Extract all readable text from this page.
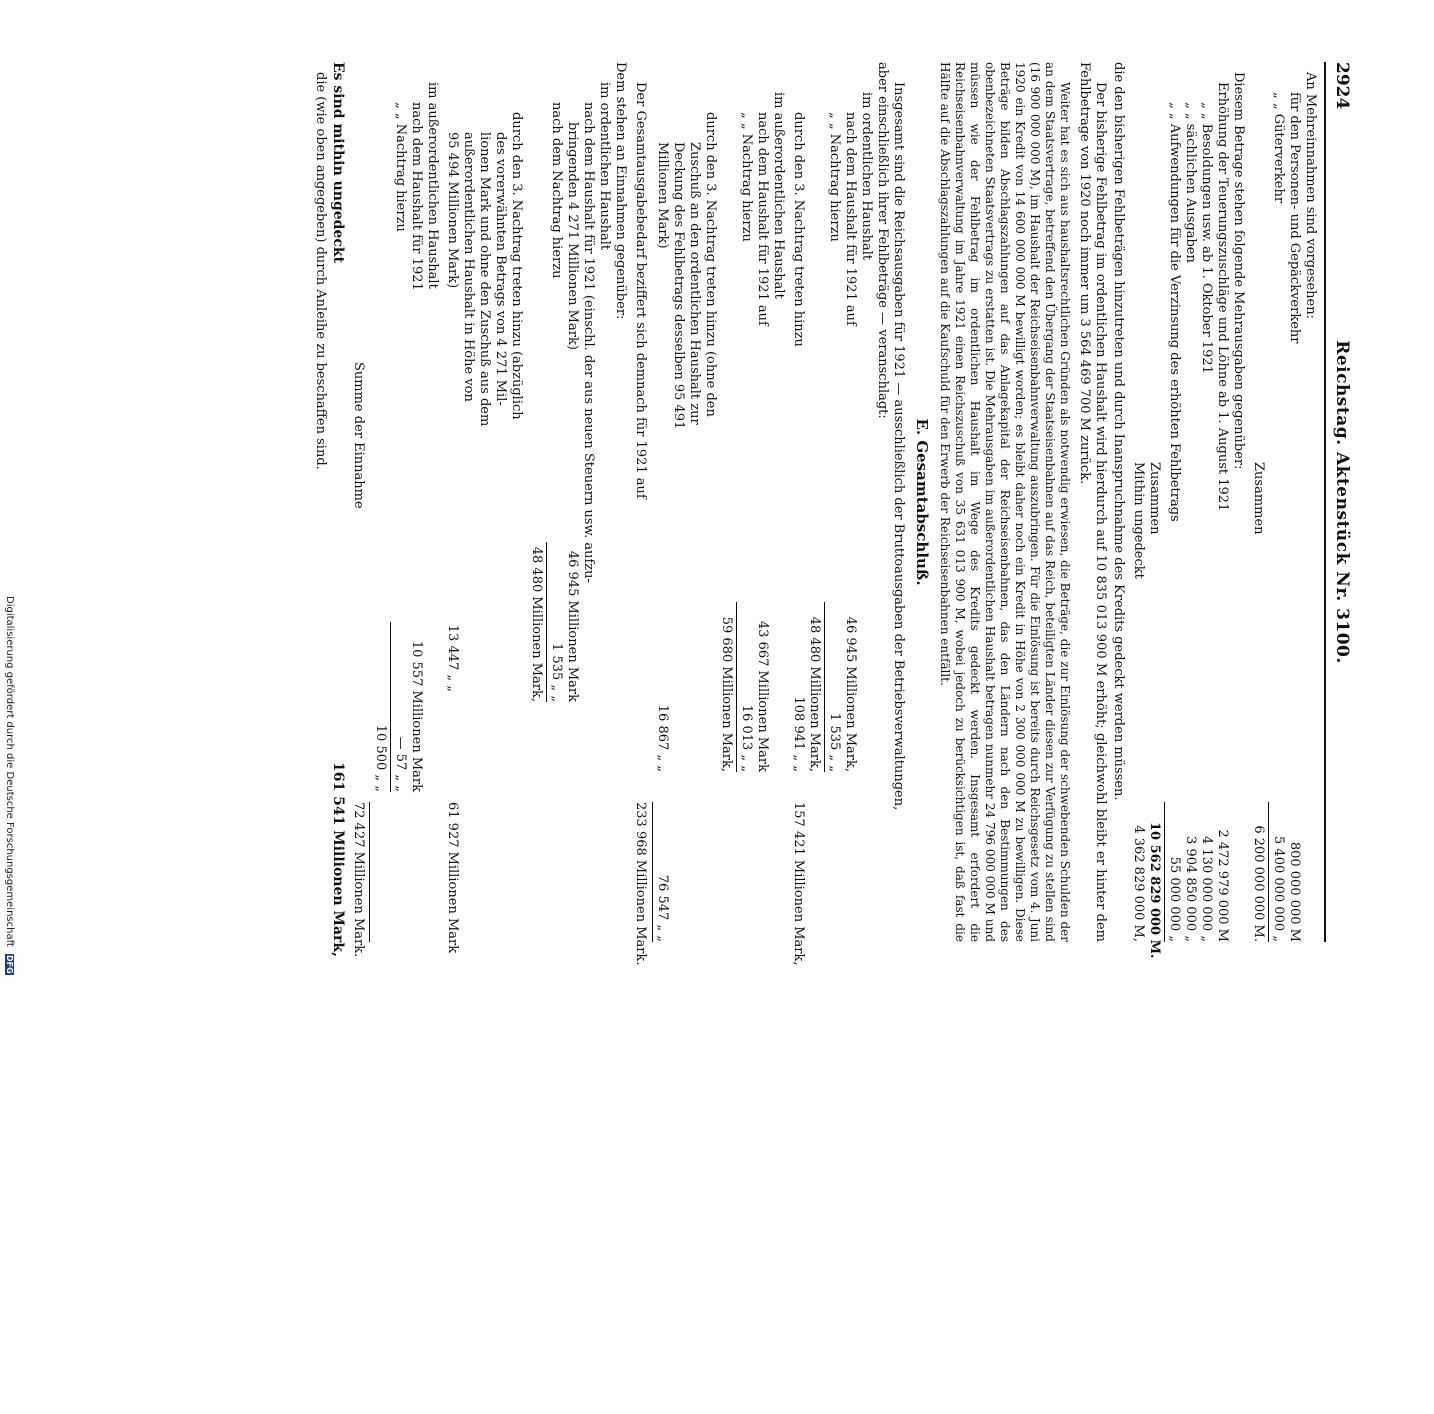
Digitalisierung gefördert durch die Deutsche Forschungsgemeinschaft DFG
2924
Reichstag. Aktenstück Nr. 3100.
An Mehreinnahmen sind vorgesehen:
für den Personen- und Gepäckverkehr
800 000 000 M
„ „ Güterverkehr
5 400 000 000 „
Zusammen
6 200 000 000 M.
Diesem Betrage stehen folgende Mehrausgaben gegenüber:
Erhöhung der Teuerungszuschläge und Löhne ab 1. August 1921
2 472 979 000 M
„ „ Besoldungen usw. ab 1. Oktober 1921
4 130 000 000 „
„ „ sächlichen Ausgaben
3 904 850 000 „
„ „ Aufwendungen für die Verzinsung des erhöhten Fehlbetrags
55 000 000 „
Zusammen
10 562 829 000 M.
Mithin ungedeckt
4 362 829 000 M,
die den bisherigen Fehlbeträgen hinzutreten und durch Inanspruchnahme des Kredits gedeckt werden müssen.
Der bisherige Fehlbetrag im ordentlichen Haushalt wird hierdurch auf 10 835 013 900 M erhöht; gleichwohl bleibt er hinter dem Fehlbetrage von 1920 noch immer um 3 564 469 700 M zurück.
Weiter hat es sich aus haushaltsrechtlichen Gründen als notwendig erwiesen, die Beträge, die zur Einlösung der schwebenden Schulden der an dem Staatsvertrage, betreffend den Übergang der Staatseisenbahnen auf das Reich, beteiligten Länder diesen zur Verfügung zu stellen sind (16 900 000 000 M), im Haushalt der Reichseisenbahnverwaltung auszubringen. Für die Einlösung ist bereits durch Reichsgesetz vom 4. Juni 1920 ein Kredit von 14 600 000 000 M bewilligt worden; es bleibt daher noch ein Kredit in Höhe von 2 300 000 000 M zu bewilligen. Diese Beträge bilden Abschlagszahlungen auf das Anlagekapital der Reichseisenbahnen, das den Ländern nach den Bestimmungen des obenbezeichneten Staatsvertrags zu erstatten ist. Die Mehrausgaben im außerordentlichen Haushalt betragen nunmehr 24 796 000 000 M und müssen wie der Fehlbetrag im ordentlichen Haushalt im Wege des Kredits gedeckt werden. Insgesamt erfordert die Reichseisenbahnverwaltung im Jahre 1921 einen Reichszuschuß von 35 631 013 900 M, wobei jedoch zu berücksichtigen ist, daß fast die Hälfte auf die Abschlagszahlungen auf die Kaufschuld für den Erwerb der Reichseisenbahnen entfällt.
E. Gesamtabschluß.
Insgesamt sind die Reichsausgaben für 1921 — ausschließlich der Bruttoausgaben der Betriebsverwaltungen,
aber einschließlich ihrer Fehlbeträge — veranschlagt:
im ordentlichen Haushalt
nach dem Haushalt für 1921 auf
46 945 Millionen Mark,
„ „ Nachtrag hierzu
1 535 „ „
48 480 Millionen Mark,
durch den 3. Nachtrag treten hinzu
108 941 „ „
157 421 Millionen Mark,
im außerordentlichen Haushalt
nach dem Haushalt für 1921 auf
43 667 Millionen Mark
„ „ Nachtrag hierzu
16 013 „ „
59 680 Millionen Mark,
durch den 3. Nachtrag treten hinzu (ohne den
Zuschuß an den ordentlichen Haushalt zur
Deckung des Fehlbetrags desselben 95 491
Millionen Mark)
16 867 „ „
76 547 „ „
Der Gesamtausgabebedarf beziffert sich demnach für 1921 auf
233 968 Millionen Mark.
Dem stehen an Einnahmen gegenüber:
im ordentlichen Haushalt
nach dem Haushalt für 1921 (einschl. der aus neuen Steuern usw. aufzu-
bringenden 4 271 Millionen Mark)
46 945 Millionen Mark
nach dem Nachtrag hierzu
1 535 „ „
48 480 Millionen Mark,
durch den 3. Nachtrag treten hinzu (abzüglich
des vorerwähnten Betrags von 4 271 Mil-
lionen Mark und ohne den Zuschuß aus dem
außerordentlichen Haushalt in Höhe von
95 494 Millionen Mark)
13 447 „ „
61 927 Millionen Mark
im außerordentlichen Haushalt
nach dem Haushalt für 1921
10 557 Millionen Mark
„ „ Nachtrag hierzu
— 57 „ „
10 500 „ „
Summe der Einnahme
72 427 Millionen Mark.
Es sind mithin ungedeckt
161 541 Millionen Mark,
die (wie oben angegeben) durch Anleihe zu beschaffen sind.
